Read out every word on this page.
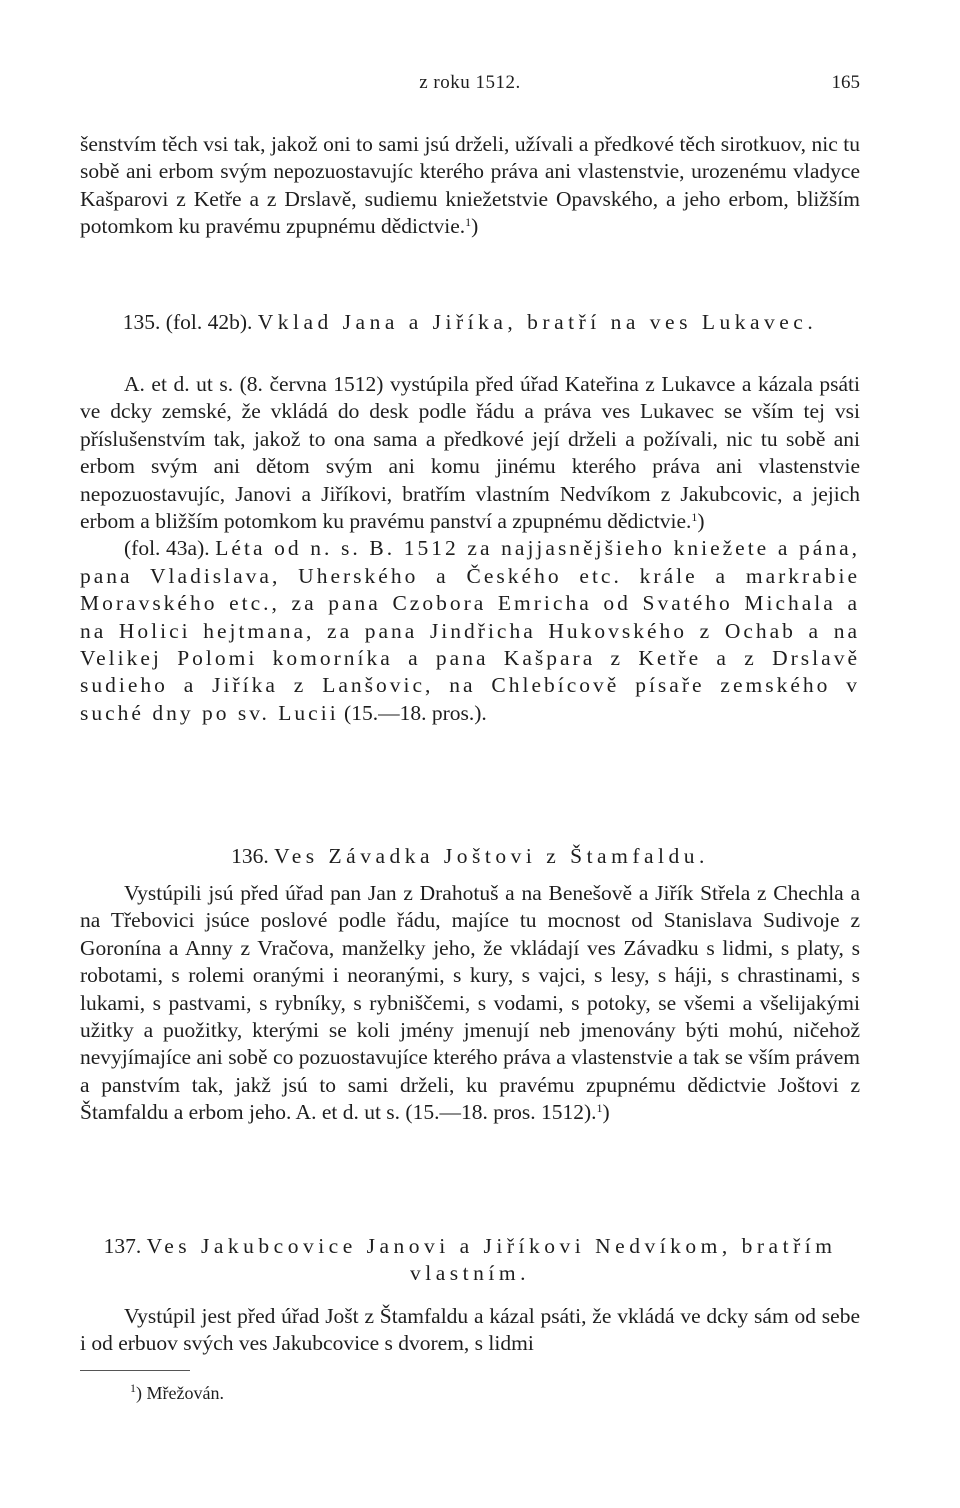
z roku 1512.	165

šenstvím těch vsi tak, jakož oni to sami jsú drželi, užívali a předkové těch sirotkuov, nic tu sobě ani erbom svým nepozuostavujíc kterého práva ani vlastenstvie, urozenému vladyce Kašparovi z Ketře a z Drslavě, sudiemu kniežetstvie Opavského, a jeho erbom, bližším potomkom ku pravému zpupnému dědictvie.$^1$)

135. (fol. 42b). Vklad Jana a Jiříka, bratří na ves Lukavec.

A. et d. ut s. (8. června 1512) vystúpila před úřad Kateřina z Lukavce a kázala psáti ve dcky zemské, že vkládá do desk podle řádu a práva ves Lukavec se vším tej vsi příslušenstvím tak, jakož to ona sama a předkové její drželi a požívali, nic tu sobě ani erbom svým ani dětom svým ani komu jinému kterého práva ani vlastenstvie nepozuostavujíc, Janovi a Jiříkovi, bratřím vlastním Nedvíkom z Jakubcovic, a jejich erbom a bližším potomkom ku pravému panství a zpupnému dědictvie.$^1$)

(fol. 43a). Léta od n. s. B. 1512 za najjasnějšieho kniežete a pána, pana Vladislava, Uherského a Českého etc. krále a markrabie Moravského etc., za pana Czobora Emricha od Svatého Michala a na Holici hejtmana, za pana Jindřicha Hukovského z Ochab a na Velikej Polomi komorníka a pana Kašpara z Ketře a z Drslavě sudieho a Jiříka z Lanšovic, na Chlebícově písaře zemského v suché dny po sv. Lucii (15.—18. pros.).

136. Ves Závadka Joštovi z Štamfaldu.

Vystúpili jsú před úřad pan Jan z Drahotuš a na Benešově a Jiřík Střela z Chechla a na Třebovici jsúce poslové podle řádu, majíce tu mocnost od Stanislava Sudivoje z Goronína a Anny z Vračova, manželky jeho, že vkládají ves Závadku s lidmi, s platy, s robotami, s rolemi oranými i neoranými, s kury, s vajci, s lesy, s háji, s chrastinami, s lukami, s pastvami, s rybníky, s rybniščemi, s vodami, s potoky, se všemi a všelijakými užitky a puožitky, kterými se koli jmény jmenují neb jmenovány býti mohú, ničehož nevyjímajíce ani sobě co pozuostavujíce kterého práva a vlastenstvie a tak se vším právem a panstvím tak, jakž jsú to sami drželi, ku pravému zpupnému dědictvie Joštovi z Štamfaldu a erbom jeho. A. et d. ut s. (15.—18. pros. 1512).$^1$)

137. Ves Jakubcovice Janovi a Jiříkovi Nedvíkom, bratřím vlastním.

Vystúpil jest před úřad Jošt z Štamfaldu a kázal psáti, že vkládá ve dcky sám od sebe i od erbuov svých ves Jakubcovice s dvorem, s lidmi

$^1$) Mřežován.
